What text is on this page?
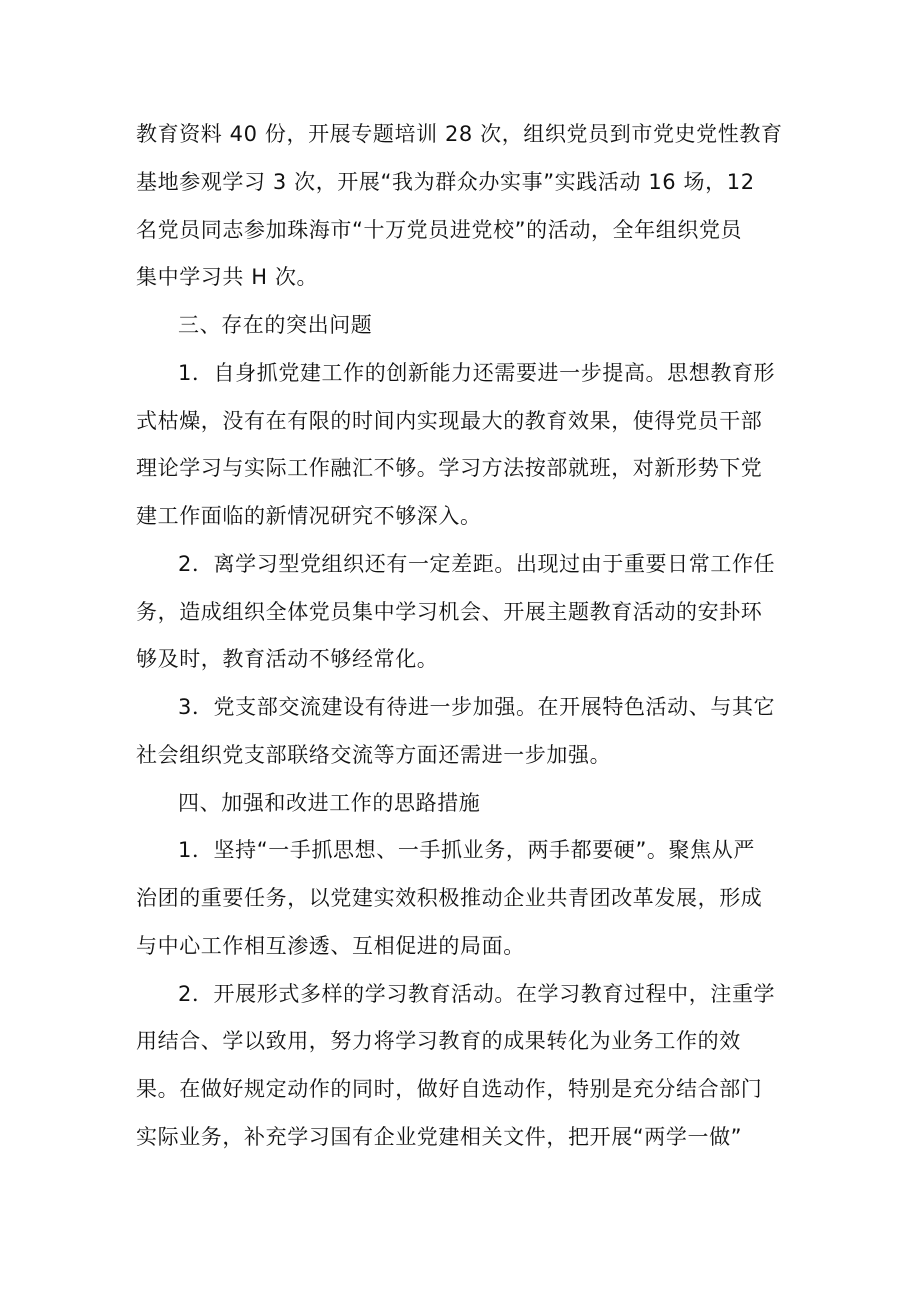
教育资料 40 份，开展专题培训 28 次，组织党员到市党史党性教育
基地参观学习 3 次，开展“我为群众办实事”实践活动 16 场，12
名党员同志参加珠海市“十万党员进党校”的活动，全年组织党员
集中学习共 H 次。
三、存在的突出问题
1．自身抓党建工作的创新能力还需要进一步提高。思想教育形
式枯燥，没有在有限的时间内实现最大的教育效果，使得党员干部
理论学习与实际工作融汇不够。学习方法按部就班，对新形势下党
建工作面临的新情况研究不够深入。
2．离学习型党组织还有一定差距。出现过由于重要日常工作任
务，造成组织全体党员集中学习机会、开展主题教育活动的安卦环
够及时，教育活动不够经常化。
3．党支部交流建设有待进一步加强。在开展特色活动、与其它
社会组织党支部联络交流等方面还需进一步加强。
四、加强和改进工作的思路措施
1．坚持“一手抓思想、一手抓业务，两手都要硬”。聚焦从严
治团的重要任务，以党建实效积极推动企业共青团改革发展，形成
与中心工作相互渗透、互相促进的局面。
2．开展形式多样的学习教育活动。在学习教育过程中，注重学
用结合、学以致用，努力将学习教育的成果转化为业务工作的效
果。在做好规定动作的同时，做好自选动作，特别是充分结合部门
实际业务，补充学习国有企业党建相关文件，把开展“两学一做”
